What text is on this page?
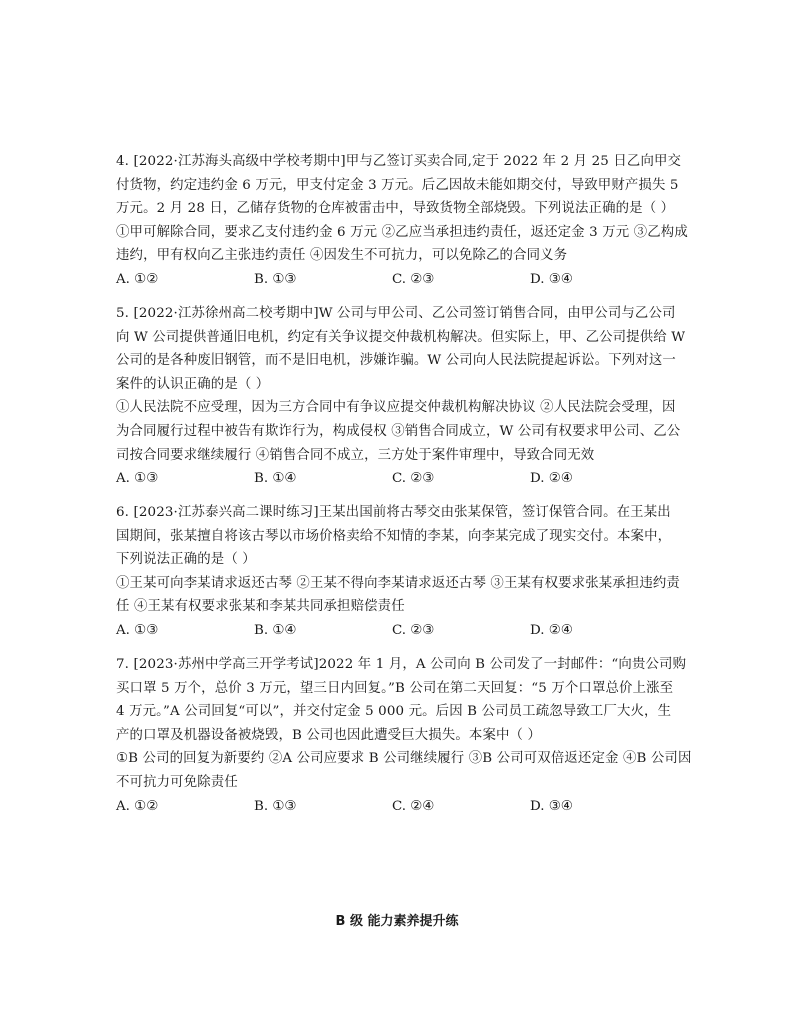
4. [2022·江苏海头高级中学校考期中]甲与乙签订买卖合同,定于 2022 年 2 月 25 日乙向甲交
付货物，约定违约金 6 万元，甲支付定金 3 万元。后乙因故未能如期交付，导致甲财产损失 5
万元。2 月 28 日，乙储存货物的仓库被雷击中，导致货物全部烧毁。下列说法正确的是（ ）
①甲可解除合同，要求乙支付违约金 6 万元 ②乙应当承担违约责任，返还定金 3 万元 ③乙构成
违约，甲有权向乙主张违约责任 ④因发生不可抗力，可以免除乙的合同义务
A. ①②	B. ①③	C. ②③	D. ③④
5. [2022·江苏徐州高二校考期中]W 公司与甲公司、乙公司签订销售合同，由甲公司与乙公司
向 W 公司提供普通旧电机，约定有关争议提交仲裁机构解决。但实际上，甲、乙公司提供给 W
公司的是各种废旧钢管，而不是旧电机，涉嫌诈骗。W 公司向人民法院提起诉讼。下列对这一
案件的认识正确的是（ ）
①人民法院不应受理，因为三方合同中有争议应提交仲裁机构解决协议 ②人民法院会受理，因
为合同履行过程中被告有欺诈行为，构成侵权 ③销售合同成立，W 公司有权要求甲公司、乙公
司按合同要求继续履行 ④销售合同不成立，三方处于案件审理中，导致合同无效
A. ①③	B. ①④	C. ②③	D. ②④
6. [2023·江苏泰兴高二课时练习]王某出国前将古琴交由张某保管，签订保管合同。在王某出
国期间，张某擅自将该古琴以市场价格卖给不知情的李某，向李某完成了现实交付。本案中，
下列说法正确的是（ ）
①王某可向李某请求返还古琴 ②王某不得向李某请求返还古琴 ③王某有权要求张某承担违约责
任 ④王某有权要求张某和李某共同承担赔偿责任
A. ①③	B. ①④	C. ②③	D. ②④
7. [2023·苏州中学高三开学考试]2022 年 1 月，A 公司向 B 公司发了一封邮件：“向贵公司购
买口罩 5 万个，总价 3 万元，望三日内回复。”B 公司在第二天回复：“5 万个口罩总价上涨至
4 万元。”A 公司回复“可以”，并交付定金 5 000 元。后因 B 公司员工疏忽导致工厂大火，生
产的口罩及机器设备被烧毁，B 公司也因此遭受巨大损失。本案中（ ）
①B 公司的回复为新要约 ②A 公司应要求 B 公司继续履行 ③B 公司可双倍返还定金 ④B 公司因
不可抗力可免除责任
A. ①②	B. ①③	C. ②④	D. ③④
B 级 能力素养提升练
